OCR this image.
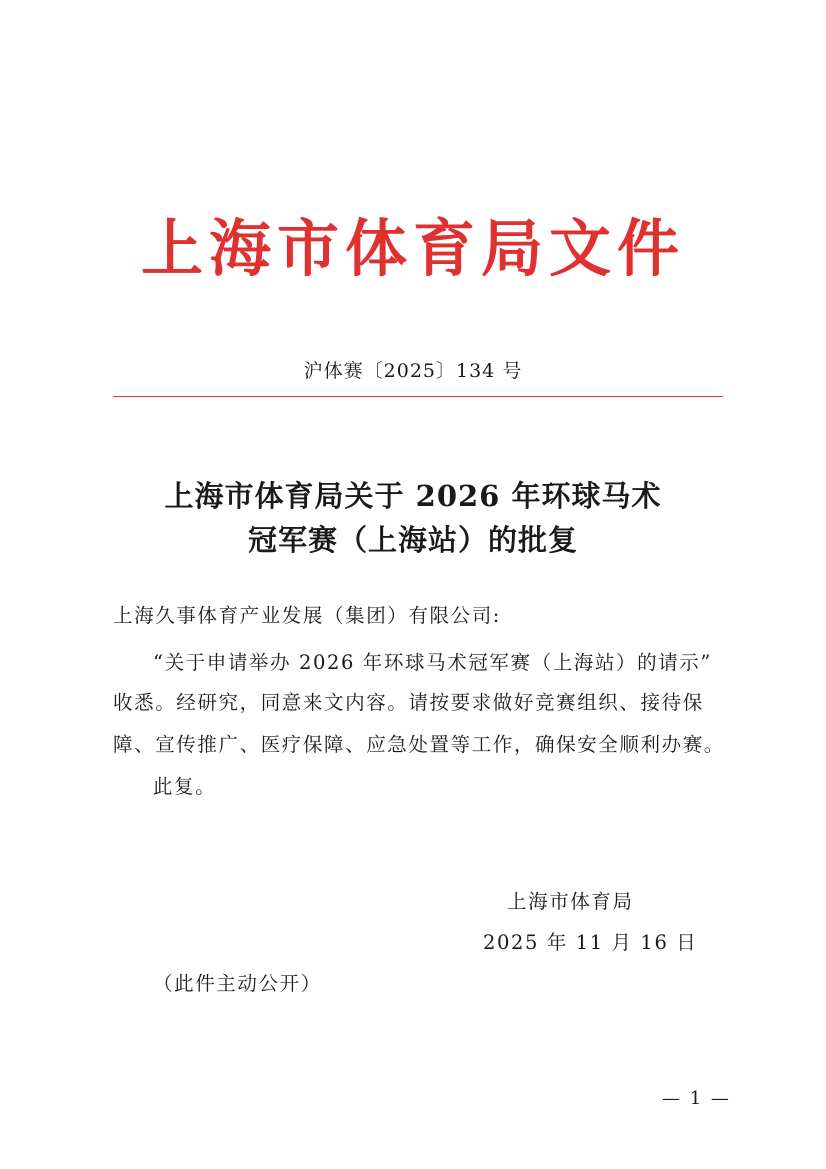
上海市体育局文件
沪体赛〔2025〕134 号
上海市体育局关于 2026 年环球马术
冠军赛（上海站）的批复
上海久事体育产业发展（集团）有限公司:
“关于申请举办 2026 年环球马术冠军赛（上海站）的请示”
收悉。经研究，同意来文内容。请按要求做好竞赛组织、接待保
障、宣传推广、医疗保障、应急处置等工作，确保安全顺利办赛。
此复。
上海市体育局
2025 年 11 月 16 日
（此件主动公开）
— 1 —
